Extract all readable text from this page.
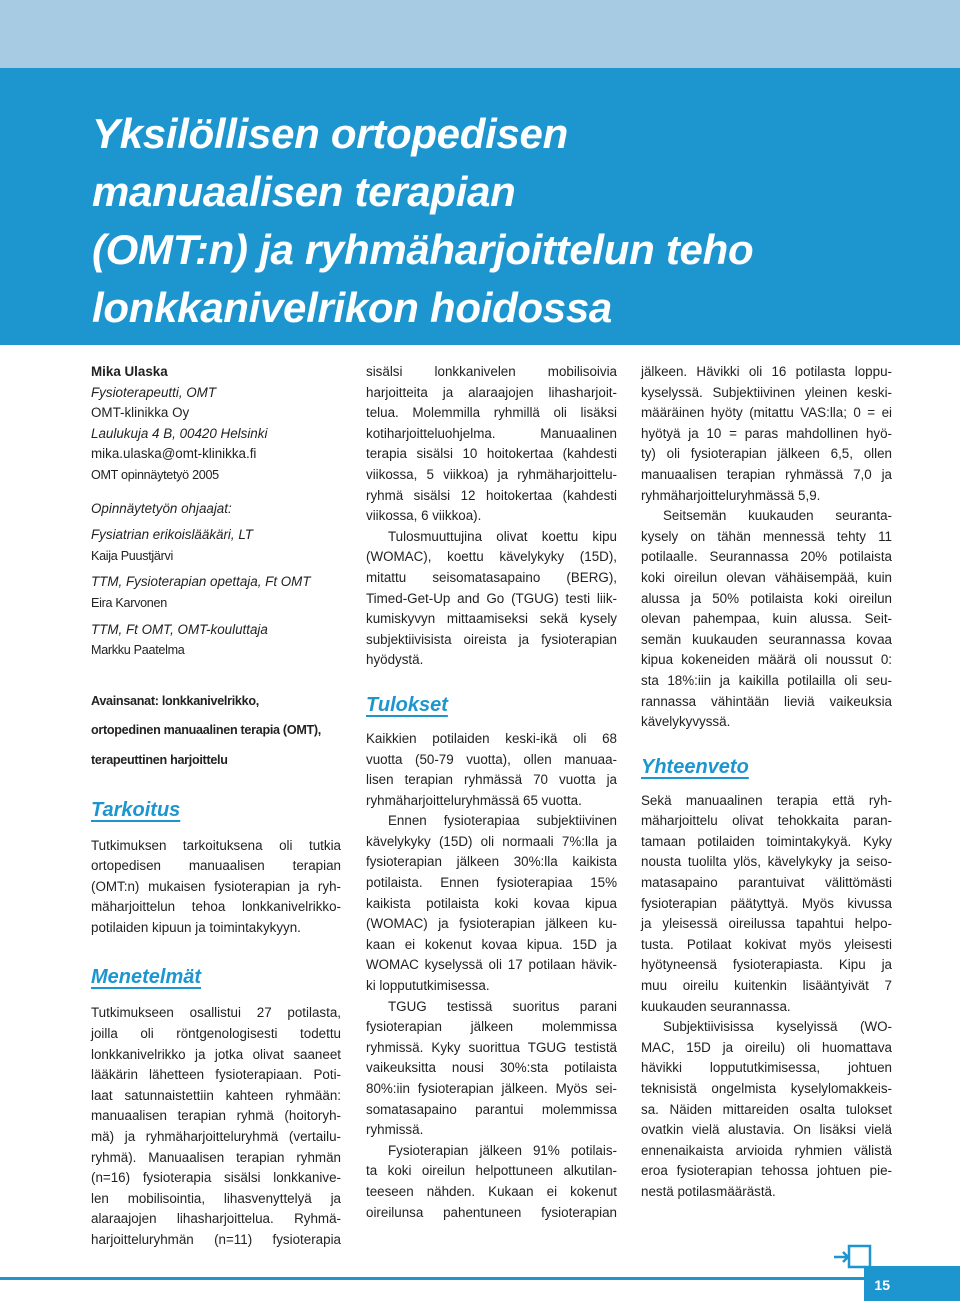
Yksilöllisen ortopedisen
manuaalisen terapian
(OMT:n) ja ryhmäharjoittelun teho
lonkkanivelrikon hoidossa
Mika Ulaska
Fysioterapeutti, OMT
OMT-klinikka Oy
Laulukuja 4 B, 00420 Helsinki
mika.ulaska@omt-klinikka.fi
OMT opinnäytetyö 2005
Opinnäytetyön ohjaajat:
Fysiatrian erikoislääkäri, LT
Kaija Puustjärvi
TTM, Fysioterapian opettaja, Ft OMT
Eira Karvonen
TTM, Ft OMT, OMT-kouluttaja
Markku Paatelma
Avainsanat: lonkkanivelrikko,
ortopedinen manuaalinen terapia (OMT),
terapeuttinen harjoittelu
Tarkoitus
Tutkimuksen tarkoituksena oli tutkia
ortopedisen manuaalisen terapian
(OMT:n) mukaisen fysioterapian ja ryh-
mäharjoittelun tehoa lonkkanivelrikko-
potilaiden kipuun ja toimintakykyyn.
Menetelmät
Tutkimukseen osallistui 27 potilasta,
joilla oli röntgenologisesti todettu
lonkkanivelrikko ja jotka olivat saaneet
lääkärin lähetteen fysioterapiaan. Poti-
laat satunnaistettiin kahteen ryhmään:
manuaalisen terapian ryhmä (hoitoryh-
mä) ja ryhmäharjoitteluryhmä (vertailu-
ryhmä). Manuaalisen terapian ryhmän
(n=16) fysioterapia sisälsi lonkkanive-
len mobilisointia, lihasvenyttelyä ja
alaraajojen lihasharjoittelua. Ryhmä-
harjoitteluryhmän (n=11) fysioterapia
sisälsi lonkkanivelen mobilisoivia
harjoitteita ja alaraajojen lihasharjoit-
telua. Molemmilla ryhmillä oli lisäksi
kotiharjoitteluohjelma. Manuaalinen
terapia sisälsi 10 hoitokertaa (kahdesti
viikossa, 5 viikkoa) ja ryhmäharjoittelu-
ryhmä sisälsi 12 hoitokertaa (kahdesti
viikossa, 6 viikkoa).
Tulosmuuttujina olivat koettu kipu
(WOMAC), koettu kävelykyky (15D),
mitattu seisomatasapaino (BERG),
Timed-Get-Up and Go (TGUG) testi liik-
kumiskyvyn mittaamiseksi sekä kysely
subjektiivisista oireista ja fysioterapian
hyödystä.
Tulokset
Kaikkien potilaiden keski-ikä oli 68
vuotta (50-79 vuotta), ollen manuaa-
lisen terapian ryhmässä 70 vuotta ja
ryhmäharjoitteluryhmässä 65 vuotta.
Ennen fysioterapiaa subjektiivinen
kävelykyky (15D) oli normaali 7%:lla ja
fysioterapian jälkeen 30%:lla kaikista
potilaista. Ennen fysioterapiaa 15%
kaikista potilaista koki kovaa kipua
(WOMAC) ja fysioterapian jälkeen ku-
kaan ei kokenut kovaa kipua. 15D ja
WOMAC kyselyssä oli 17 potilaan hävik-
ki loppututkimisessa.
TGUG testissä suoritus parani
fysioterapian jälkeen molemmissa
ryhmissä. Kyky suorittua TGUG testistä
vaikeuksitta nousi 30%:sta potilaista
80%:iin fysioterapian jälkeen. Myös sei-
somatasapaino parantui molemmissa
ryhmissä.
Fysioterapian jälkeen 91% potilais-
ta koki oireilun helpottuneen alkutilan-
teeseen nähden. Kukaan ei kokenut
oireilunsa pahentuneen fysioterapian
jälkeen. Hävikki oli 16 potilasta loppu-
kyselyssä. Subjektiivinen yleinen keski-
määräinen hyöty (mitattu VAS:lla; 0 = ei
hyötyä ja 10 = paras mahdollinen hyö-
ty) oli fysioterapian jälkeen 6,5, ollen
manuaalisen terapian ryhmässä 7,0 ja
ryhmäharjoitteluryhmässä 5,9.
Seitsemän kuukauden seuranta-
kysely on tähän mennessä tehty 11
potilaalle. Seurannassa 20% potilaista
koki oireilun olevan vähäisempää, kuin
alussa ja 50% potilaista koki oireilun
olevan pahempaa, kuin alussa. Seit-
semän kuukauden seurannassa kovaa
kipua kokeneiden määrä oli noussut 0:
sta 18%:iin ja kaikilla potilailla oli seu-
rannassa vähintään lieviä vaikeuksia
kävelykyvyssä.
Yhteenveto
Sekä manuaalinen terapia että ryh-
mäharjoittelu olivat tehokkaita paran-
tamaan potilaiden toimintakykyä. Kyky
nousta tuolilta ylös, kävelykyky ja seiso-
matasapaino parantuivat välittömästi
fysioterapian päätyttyä. Myös kivussa
ja yleisessä oireilussa tapahtui helpo-
tusta. Potilaat kokivat myös yleisesti
hyötyneensä fysioterapiasta. Kipu ja
muu oireilu kuitenkin lisääntyivät 7
kuukauden seurannassa.
Subjektiivisissa kyselyissä (WO-
MAC, 15D ja oireilu) oli huomattava
hävikki loppututkimisessa, johtuen
teknisistä ongelmista kyselylomakkeis-
sa. Näiden mittareiden osalta tulokset
ovatkin vielä alustavia. On lisäksi vielä
ennenaikaista arvioida ryhmien välistä
eroa fysioterapian tehossa johtuen pie-
nestä potilasmäärästä.
15
